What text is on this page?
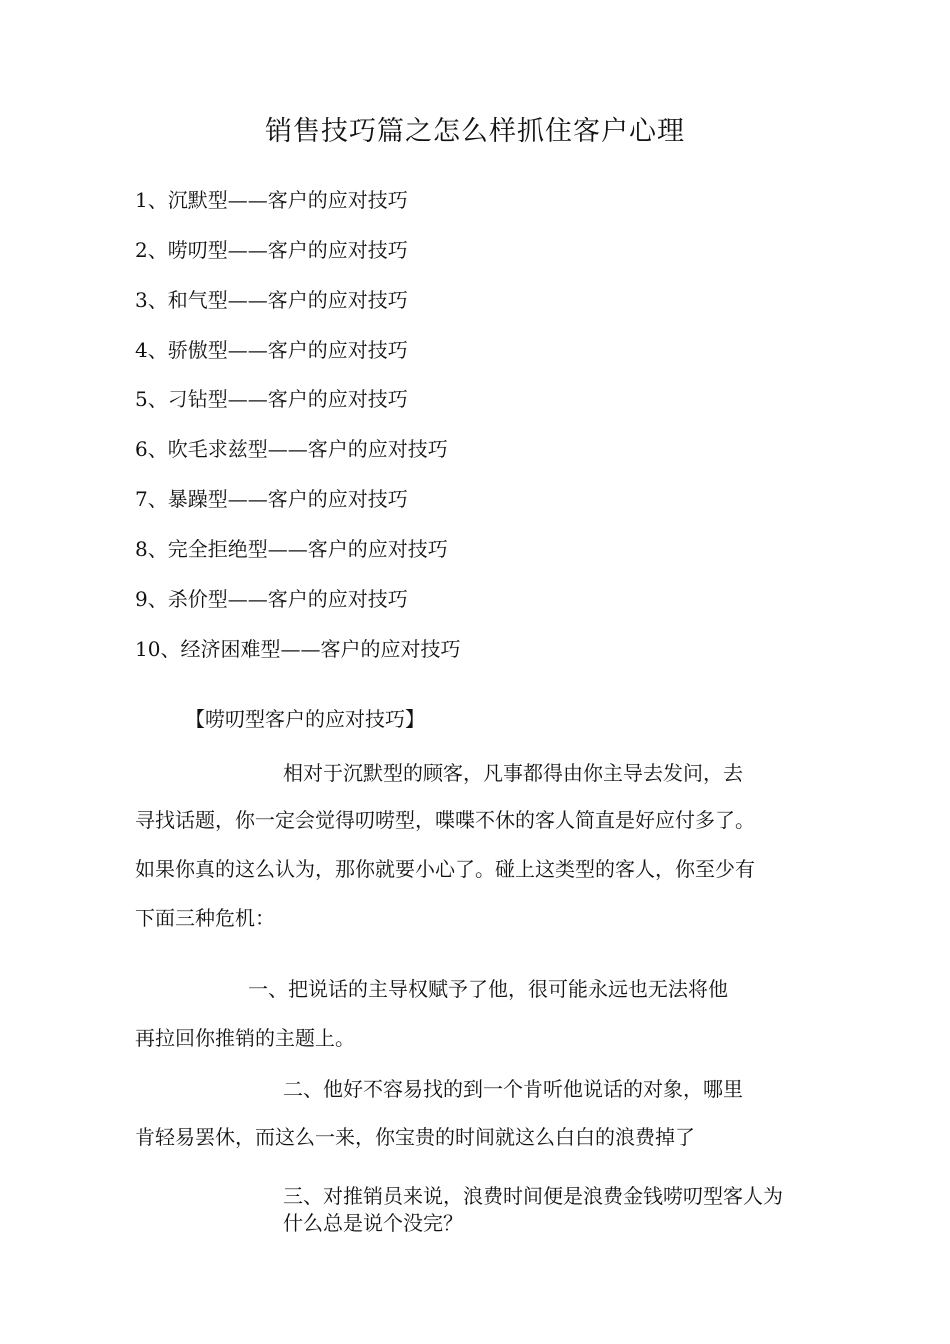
销售技巧篇之怎么样抓住客户心理
1、沉默型——客户的应对技巧
2、唠叨型——客户的应对技巧
3、和气型——客户的应对技巧
4、骄傲型——客户的应对技巧
5、刁钻型——客户的应对技巧
6、吹毛求兹型——客户的应对技巧
7、暴躁型——客户的应对技巧
8、完全拒绝型——客户的应对技巧
9、杀价型——客户的应对技巧
10、经济困难型——客户的应对技巧
【唠叨型客户的应对技巧】
相对于沉默型的顾客，凡事都得由你主导去发问，去
寻找话题，你一定会觉得叨唠型，喋喋不休的客人简直是好应付多了。
如果你真的这么认为，那你就要小心了。碰上这类型的客人，你至少有
下面三种危机：
一、把说话的主导权赋予了他，很可能永远也无法将他
再拉回你推销的主题上。
二、他好不容易找的到一个肯听他说话的对象，哪里
肯轻易罢休，而这么一来，你宝贵的时间就这么白白的浪费掉了
三、对推销员来说，浪费时间便是浪费金钱唠叨型客人为
什么总是说个没完？
